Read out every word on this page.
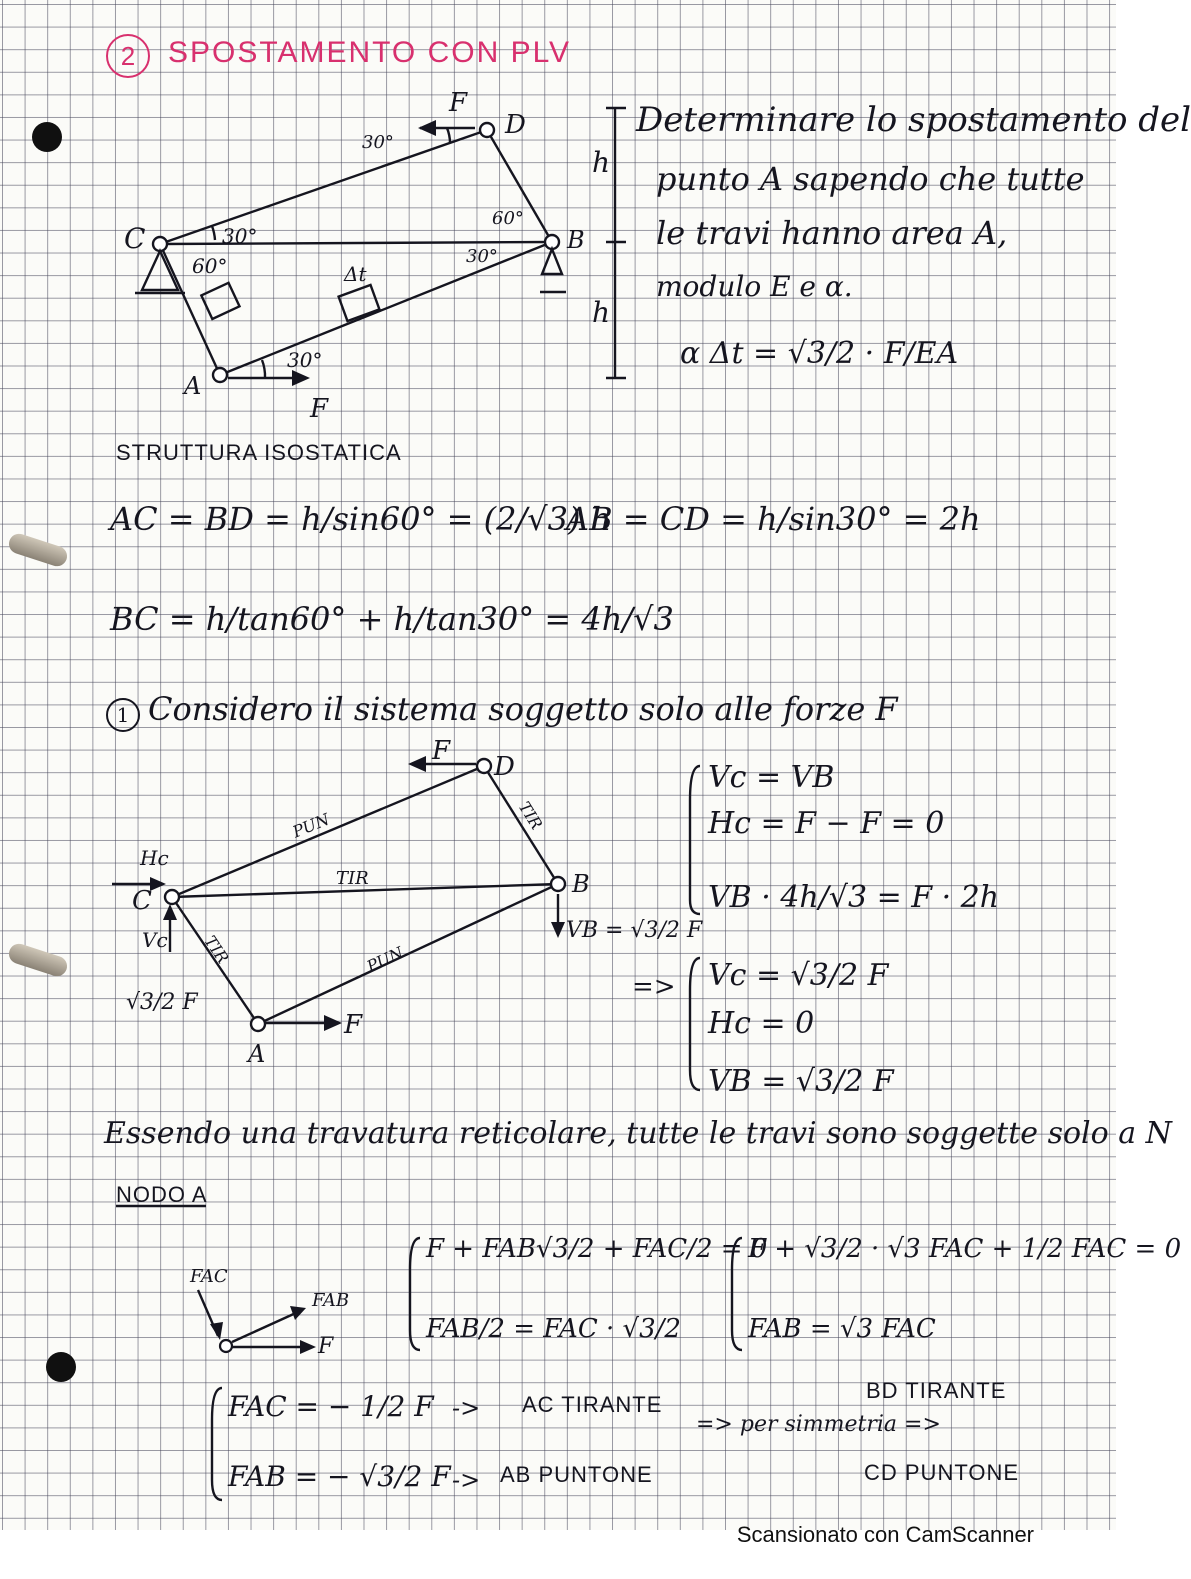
2	SPOSTAMENTO CON PLV
F
D
C	B
A
F
30°
30°
60°
60°
30°
30°
Δt
h
h
Determinare lo spostamento del
punto A sapendo che tutte
le travi hanno area A,
modulo E e α.
α Δt = √3/2 · F/EA
STRUTTURA ISOSTATICA
AC = BD = h/sin60° = (2/√3) h
AB = CD = h/sin30° = 2h
BC = h/tan60° + h/tan30° = 4h/√3
1 Considero il sistema soggetto solo alle forze F
F
D
B
C
A
F
Hc
Vc
√3/2 F
VB = √3/2 F
PUN	TIR
TIR
TIR	PUN
Vc = VB
Hc = F − F = 0
VB · 4h/√3 = F · 2h
=> Vc = √3/2 F
Hc = 0
VB = √3/2 F
Essendo una travatura reticolare, tutte le travi sono soggette solo a N
NODO A
FAC
FAB
F
F + FAB√3/2 + FAC/2 = 0
FAB/2 = FAC · √3/2
F + √3/2 · √3 FAC + 1/2 FAC = 0
FAB = √3 FAC
FAC = − 1/2 F
FAB = − √3/2 F
->
->
AC TIRANTE
AB PUNTONE
=> per simmetria =>
BD TIRANTE
CD PUNTONE
Scansionato con CamScanner
